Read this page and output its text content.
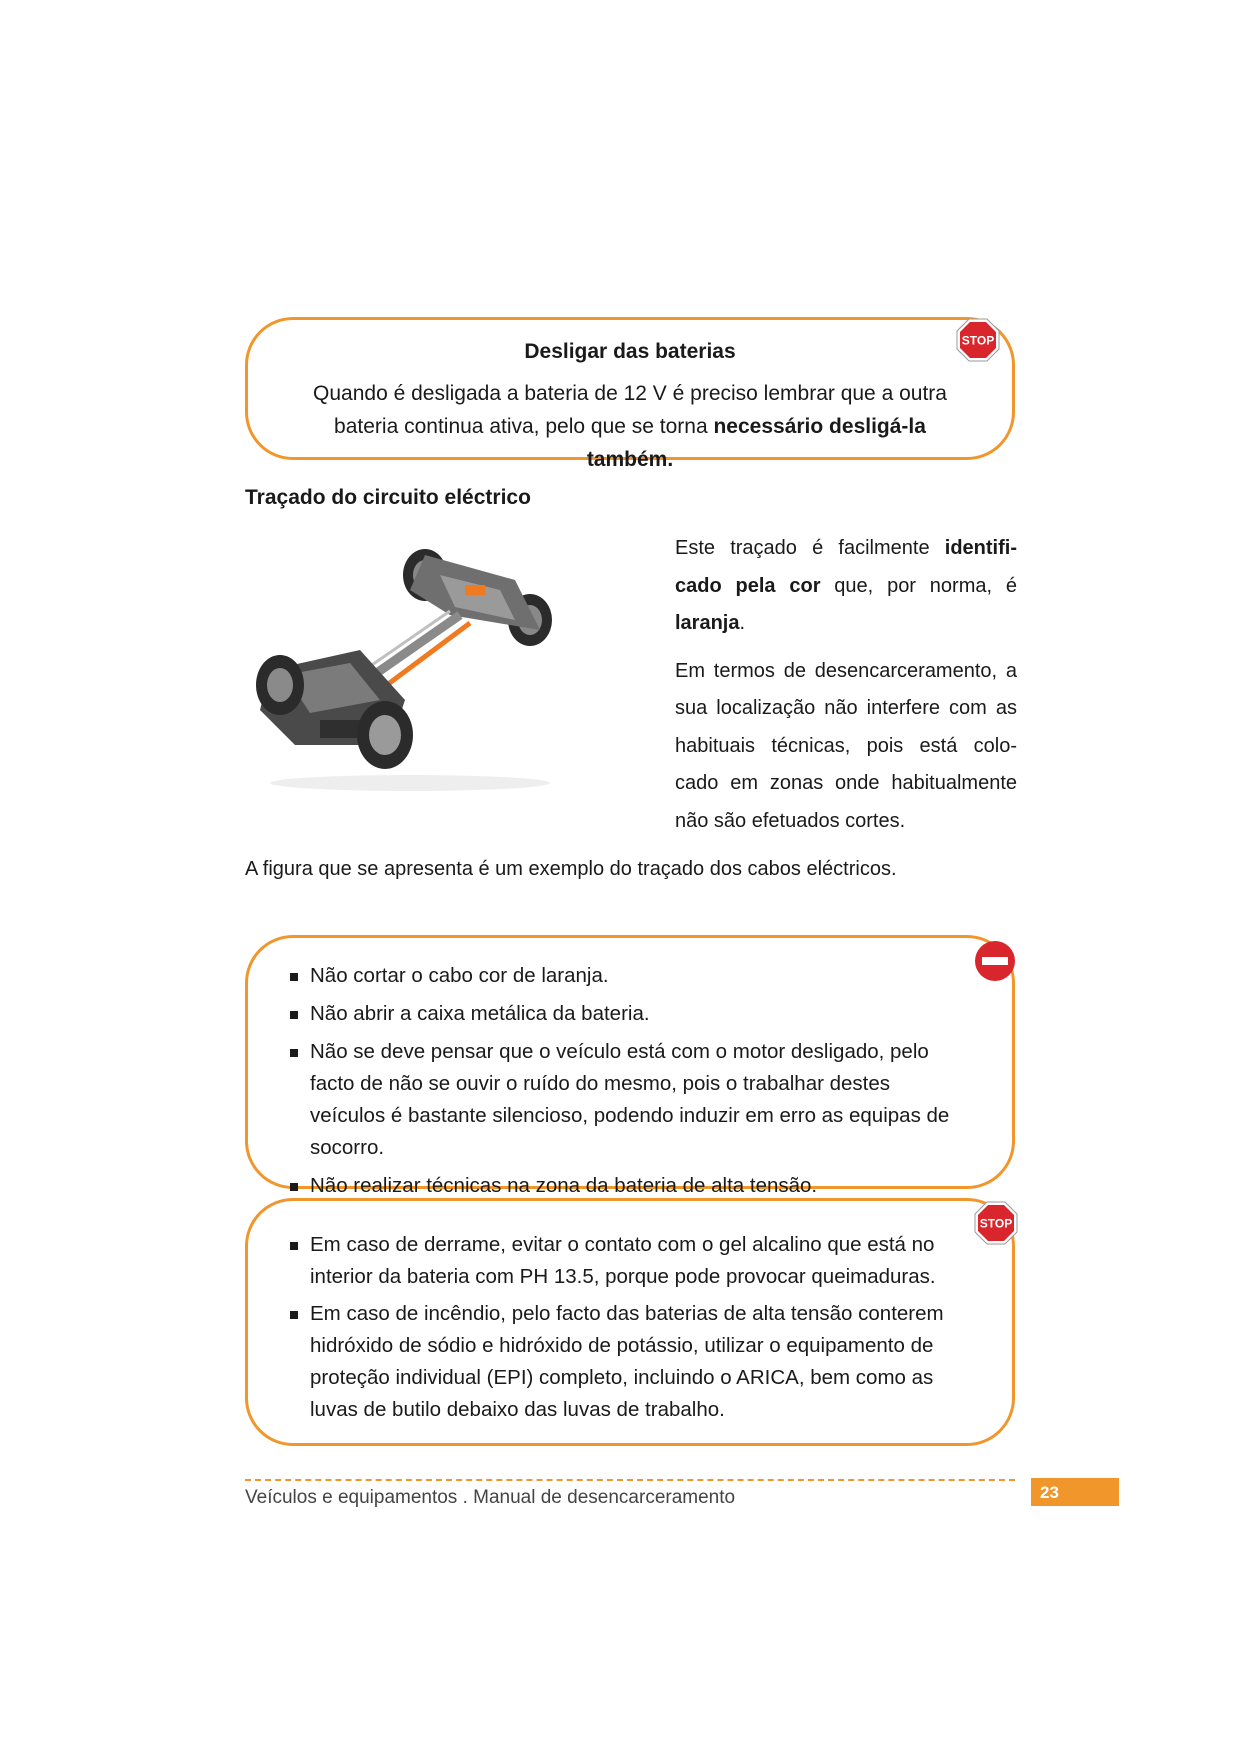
Desligar das baterias
Quando é desligada a bateria de 12 V é preciso lembrar que a outra bateria continua ativa, pelo que se torna necessário desligá-la também.
STOP
Traçado do circuito eléctrico

Este traçado é facilmente identifi-cado pela cor que, por norma, é laranja.

Em termos de desencarceramento, a sua localização não interfere com as habituais técnicas, pois está colo-cado em zonas onde habitualmente não são efetuados cortes.

A figura que se apresenta é um exemplo do traçado dos cabos eléctricos.
Não cortar o cabo cor de laranja.
Não abrir a caixa metálica da bateria.
Não se deve pensar que o veículo está com o motor desligado, pelo facto de não se ouvir o ruído do mesmo, pois o trabalhar destes veículos é bastante silencioso, podendo induzir em erro as equipas de socorro.
Não realizar técnicas na zona da bateria de alta tensão.
Em caso de derrame, evitar o contato com o gel alcalino que está no interior da bateria com PH 13.5, porque pode provocar queimaduras.
Em caso de incêndio, pelo facto das baterias de alta tensão conterem hidróxido de sódio e hidróxido de potássio, utilizar o equipamento de proteção individual (EPI) completo, incluindo o ARICA, bem como as luvas de butilo debaixo das luvas de trabalho.
STOP
Veículos e equipamentos . Manual de desencarceramento	23
